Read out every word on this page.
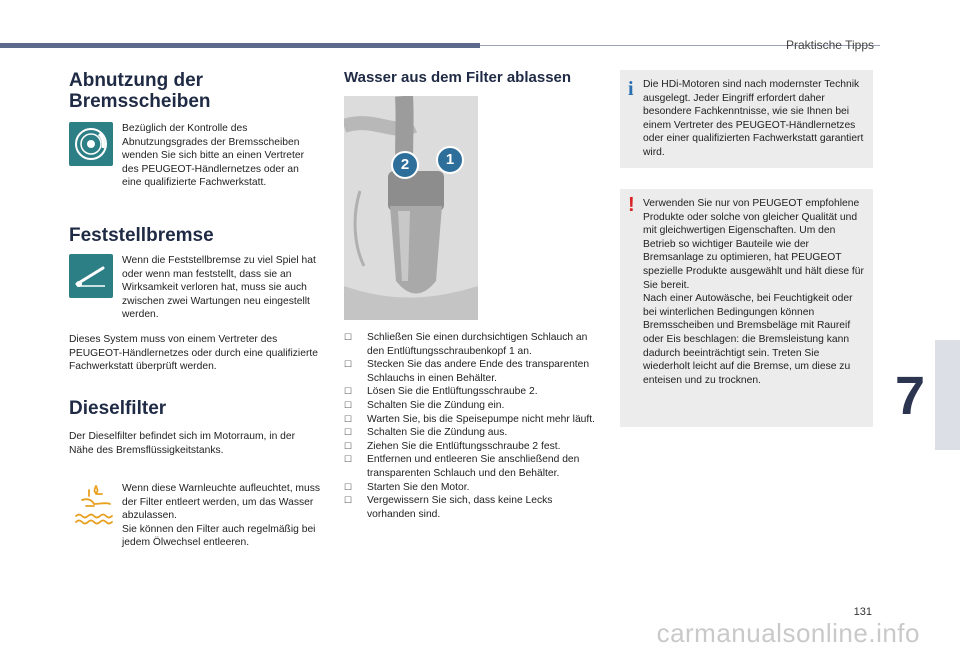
Praktische Tipps
Abnutzung der Bremsscheiben
Bezüglich der Kontrolle des Abnutzungsgrades der Bremsscheiben wenden Sie sich bitte an einen Vertreter des PEUGEOT-Händlernetzes oder an eine qualifizierte Fachwerkstatt.
Feststellbremse
Wenn die Feststellbremse zu viel Spiel hat oder wenn man feststellt, dass sie an Wirksamkeit verloren hat, muss sie auch zwischen zwei Wartungen neu eingestellt werden.
Dieses System muss von einem Vertreter des PEUGEOT-Händlernetzes oder durch eine qualifizierte Fachwerkstatt überprüft werden.
Dieselfilter
Der Dieselfilter befindet sich im Motorraum, in der Nähe des Bremsflüssigkeitstanks.
Wenn diese Warnleuchte aufleuchtet, muss der Filter entleert werden, um das Wasser abzulassen.
Sie können den Filter auch regelmäßig bei jedem Ölwechsel entleeren.
Wasser aus dem Filter ablassen
2	1
☐ Schließen Sie einen durchsichtigen Schlauch an den Entlüftungsschraubenkopf 1 an.
☐ Stecken Sie das andere Ende des transparenten Schlauchs in einen Behälter.
☐ Lösen Sie die Entlüftungsschraube 2.
☐ Schalten Sie die Zündung ein.
☐ Warten Sie, bis die Speisepumpe nicht mehr läuft.
☐ Schalten Sie die Zündung aus.
☐ Ziehen Sie die Entlüftungsschraube 2 fest.
☐ Entfernen und entleeren Sie anschließend den transparenten Schlauch und den Behälter.
☐ Starten Sie den Motor.
☐ Vergewissern Sie sich, dass keine Lecks vorhanden sind.
i Die HDi-Motoren sind nach modernster Technik ausgelegt. Jeder Eingriff erfordert daher besondere Fachkenntnisse, wie sie Ihnen bei einem Vertreter des PEUGEOT-Händlernetzes oder einer qualifizierten Fachwerkstatt garantiert wird.
! Verwenden Sie nur von PEUGEOT empfohlene Produkte oder solche von gleicher Qualität und mit gleichwertigen Eigenschaften. Um den Betrieb so wichtiger Bauteile wie der Bremsanlage zu optimieren, hat PEUGEOT spezielle Produkte ausgewählt und hält diese für Sie bereit.
Nach einer Autowäsche, bei Feuchtigkeit oder bei winterlichen Bedingungen können Bremsscheiben und Bremsbeläge mit Raureif oder Eis beschlagen: die Bremsleistung kann dadurch beeinträchtigt sein. Treten Sie wiederholt leicht auf die Bremse, um diese zu enteisen und zu trocknen.	7
131
carmanualsonline.info
